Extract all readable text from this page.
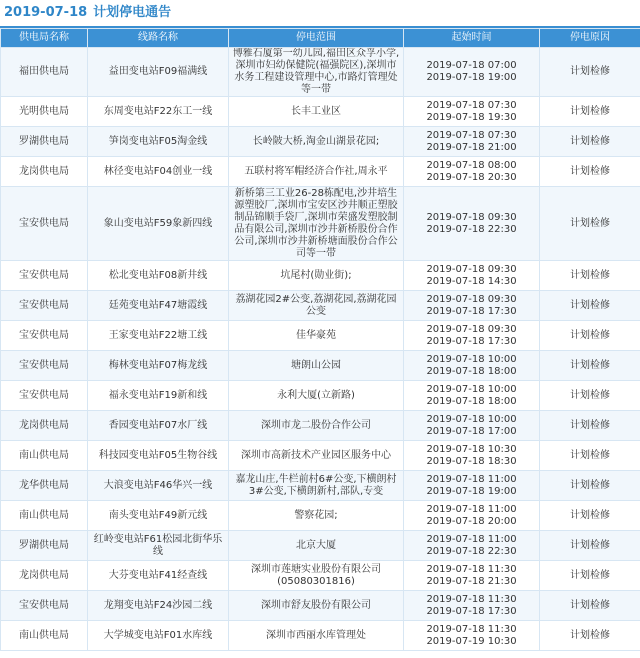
2019-07-18 计划停电通告
供电局名称	线路名称	停电范围	起始时间	停电原因
福田供电局	益田变电站F09福满线	博雅石厦第一幼儿园,福田区众孚小学,深圳市妇幼保健院(福强院区),深圳市水务工程建设管理中心,市路灯管理处等一带	2019-07-18 07:00
2019-07-18 19:00	计划检修
光明供电局	东周变电站F22东工一线	长丰工业区	2019-07-18 07:30
2019-07-18 19:30	计划检修
罗湖供电局	笋岗变电站F05淘金线	长岭陂大桥,淘金山湖景花园;	2019-07-18 07:30
2019-07-18 21:00	计划检修
龙岗供电局	林径变电站F04创业一线	五联村将军帽经济合作社,周永平	2019-07-18 08:00
2019-07-18 20:30	计划检修
宝安供电局	象山变电站F59象新四线	新桥第三工业26-28栋配电,沙井培生源塑胶厂,深圳市宝安区沙井顺正塑胶制品锦顺手袋厂,深圳市荣盛发塑胶制品有限公司,深圳市沙井新桥股份合作公司,深圳市沙井新桥塘面股份合作公司等一带	2019-07-18 09:30
2019-07-18 22:30	计划检修
宝安供电局	松北变电站F08新井线	坑尾村(勋业街);	2019-07-18 09:30
2019-07-18 14:30	计划检修
宝安供电局	廷苑变电站F47塘霞线	荔湖花园2#公变,荔湖花园,荔湖花园公变	2019-07-18 09:30
2019-07-18 17:30	计划检修
宝安供电局	王家变电站F22塘工线	佳华豪苑	2019-07-18 09:30
2019-07-18 17:30	计划检修
宝安供电局	梅林变电站F07梅龙线	塘朗山公园	2019-07-18 10:00
2019-07-18 18:00	计划检修
宝安供电局	福永变电站F19新和线	永利大厦(立新路)	2019-07-18 10:00
2019-07-18 18:00	计划检修
龙岗供电局	香园变电站F07水厂线	深圳市龙二股份合作公司	2019-07-18 10:00
2019-07-18 17:00	计划检修
南山供电局	科技园变电站F05生物谷线	深圳市高新技术产业园区服务中心	2019-07-18 10:30
2019-07-18 18:30	计划检修
龙华供电局	大浪变电站F46华兴一线	嘉龙山庄,牛栏前村6#公变,下横朗村3#公变,下横朗新村,部队,专变	2019-07-18 11:00
2019-07-18 19:00	计划检修
南山供电局	南头变电站F49新元线	警察花园;	2019-07-18 11:00
2019-07-18 20:00	计划检修
罗湖供电局	红岭变电站F61松园北街华乐线	北京大厦	2019-07-18 11:00
2019-07-18 22:30	计划检修
龙岗供电局	大芬变电站F41经查线	深圳市莲塘实业股份有限公司(05080301816)	2019-07-18 11:30
2019-07-18 21:30	计划检修
宝安供电局	龙翔变电站F24沙园二线	深圳市舒友股份有限公司	2019-07-18 11:30
2019-07-18 17:30	计划检修
南山供电局	大学城变电站F01水库线	深圳市西丽水库管理处	2019-07-18 11:30
2019-07-19 10:30	计划检修
